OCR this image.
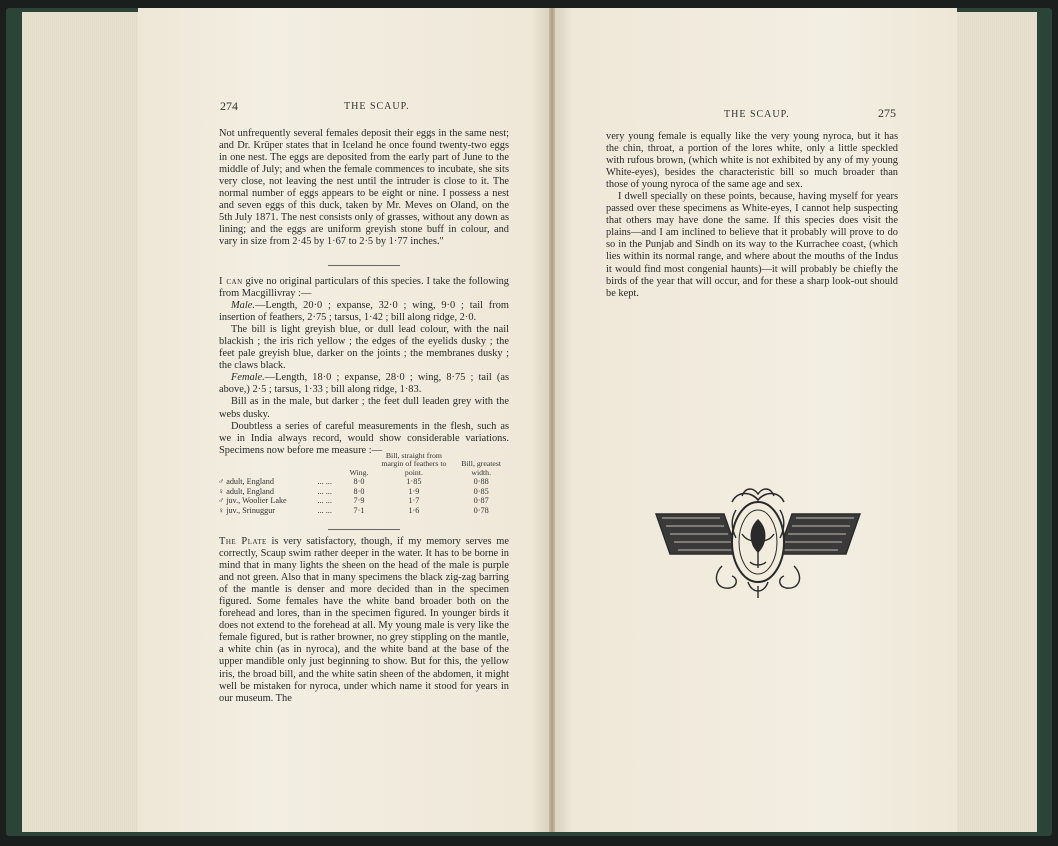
274	THE SCAUP.

Not unfrequently several females deposit their eggs in the same nest; and Dr. Krüper states that in Iceland he once found twenty-two eggs in one nest. The eggs are deposited from the early part of June to the middle of July; and when the female commences to incubate, she sits very close, not leaving the nest until the intruder is close to it. The normal number of eggs appears to be eight or nine. I possess a nest and seven eggs of this duck, taken by Mr. Meves on Oland, on the 5th July 1871. The nest consists only of grasses, without any down as lining; and the eggs are uniform greyish stone buff in colour, and vary in size from 2·45 by 1·67 to 2·5 by 1·77 inches."

I can give no original particulars of this species. I take the following from Macgillivray :—

Male.—Length, 20·0 ; expanse, 32·0 ; wing, 9·0 ; tail from insertion of feathers, 2·75 ; tarsus, 1·42 ; bill along ridge, 2·0.

The bill is light greyish blue, or dull lead colour, with the nail blackish ; the iris rich yellow ; the edges of the eyelids dusky ; the feet pale greyish blue, darker on the joints ; the membranes dusky ; the claws black.

Female.—Length, 18·0 ; expanse, 28·0 ; wing, 8·75 ; tail (as above,) 2·5 ; tarsus, 1·33 ; bill along ridge, 1·83.

Bill as in the male, but darker ; the feet dull leaden grey with the webs dusky.

Doubtless a series of careful measurements in the flesh, such as we in India always record, would show considerable variations. Specimens now before me measure :—

		Wing.	Bill, straight from margin of feathers to point.	Bill, greatest width.
♂ adult, England	... ...	8·0	1·85	0·88
♀ adult, England	... ...	8·0	1·9	0·85
♂ juv., Woolier Lake	... ...	7·9	1·7	0·87
♀ juv., Srinuggur	... ...	7·1	1·6	0·78

The Plate is very satisfactory, though, if my memory serves me correctly, Scaup swim rather deeper in the water. It has to be borne in mind that in many lights the sheen on the head of the male is purple and not green. Also that in many specimens the black zig-zag barring of the mantle is denser and more decided than in the specimen figured. Some females have the white band broader both on the forehead and lores, than in the specimen figured. In younger birds it does not extend to the forehead at all. My young male is very like the female figured, but is rather browner, no grey stippling on the mantle, a white chin (as in nyroca), and the white band at the base of the upper mandible only just beginning to show. But for this, the yellow iris, the broad bill, and the white satin sheen of the abdomen, it might well be mistaken for nyroca, under which name it stood for years in our museum. The

THE SCAUP.	275

very young female is equally like the very young nyroca, but it has the chin, throat, a portion of the lores white, only a little speckled with rufous brown, (which white is not exhibited by any of my young White-eyes), besides the characteristic bill so much broader than those of young nyroca of the same age and sex.

I dwell specially on these points, because, having myself for years passed over these specimens as White-eyes, I cannot help suspecting that others may have done the same. If this species does visit the plains—and I am inclined to believe that it probably will prove to do so in the Punjab and Sindh on its way to the Kurrachee coast, (which lies within its normal range, and where about the mouths of the Indus it would find most congenial haunts)—it will probably be chiefly the birds of the year that will occur, and for these a sharp look-out should be kept.
